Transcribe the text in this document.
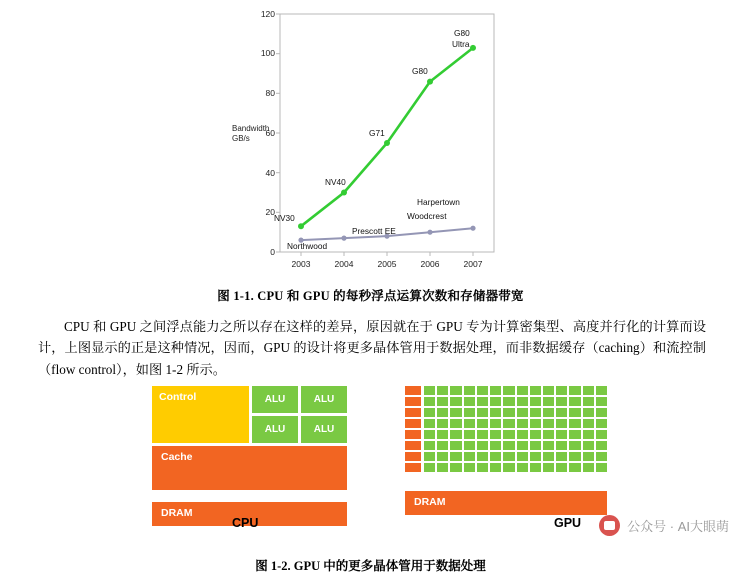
120
100
80
60
40
20
0
2003	2004	2005	2006	2007
Bandwidth
GB/s
NV30
NV40
G71
G80
G80
Ultra
Northwood
Prescott EE
Woodcrest
Harpertown
图 1-1. CPU 和 GPU 的每秒浮点运算次数和存储器带宽
CPU 和 GPU 之间浮点能力之所以存在这样的差异，原因就在于 GPU 专为计算密集型、高度并行化的计算而设计，上图显示的正是这种情况，因而，GPU 的设计将更多晶体管用于数据处理，而非数据缓存（caching）和流控制（flow control），如图 1-2 所示。
Control	ALU	ALU
ALU	ALU
Cache
DRAM
CPU
DRAM
GPU
图 1-2. GPU 中的更多晶体管用于数据处理
公众号 · AI大眼萌
